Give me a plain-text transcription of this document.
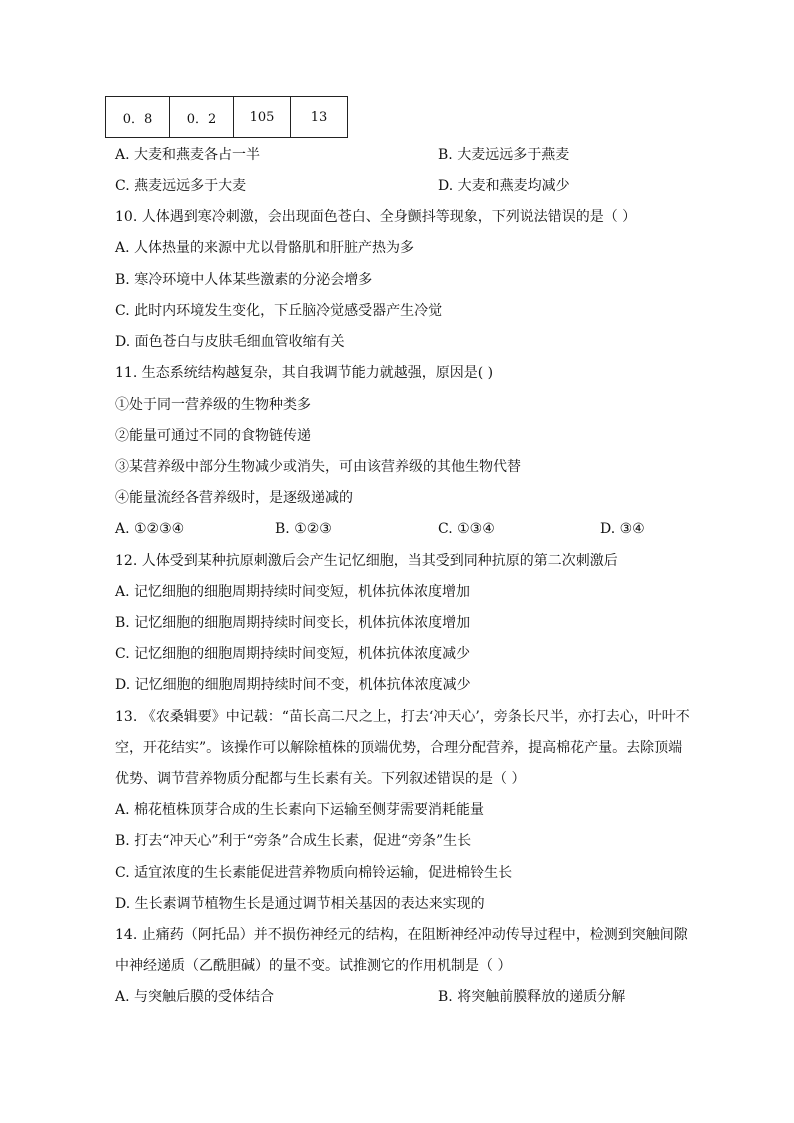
0．8	0．2	105	13
A. 大麦和燕麦各占一半	B. 大麦远远多于燕麦
C. 燕麦远远多于大麦	D. 大麦和燕麦均减少
10. 人体遇到寒冷刺激，会出现面色苍白、全身颤抖等现象，下列说法错误的是（ ）
A. 人体热量的来源中尤以骨骼肌和肝脏产热为多
B. 寒冷环境中人体某些激素的分泌会增多
C. 此时内环境发生变化，下丘脑冷觉感受器产生冷觉
D. 面色苍白与皮肤毛细血管收缩有关
11. 生态系统结构越复杂，其自我调节能力就越强，原因是( )
①处于同一营养级的生物种类多
②能量可通过不同的食物链传递
③某营养级中部分生物减少或消失，可由该营养级的其他生物代替
④能量流经各营养级时，是逐级递减的
A. ①②③④	B. ①②③	C. ①③④	D. ③④
12. 人体受到某种抗原刺激后会产生记忆细胞，当其受到同种抗原的第二次刺激后
A. 记忆细胞的细胞周期持续时间变短，机体抗体浓度增加
B. 记忆细胞的细胞周期持续时间变长，机体抗体浓度增加
C. 记忆细胞的细胞周期持续时间变短，机体抗体浓度减少
D. 记忆细胞的细胞周期持续时间不变，机体抗体浓度减少
13. 《农桑辑要》中记载：“苗长高二尺之上，打去‘冲天心’，旁条长尺半，亦打去心，叶叶不
空，开花结实”。该操作可以解除植株的顶端优势，合理分配营养，提高棉花产量。去除顶端
优势、调节营养物质分配都与生长素有关。下列叙述错误的是（ ）
A. 棉花植株顶芽合成的生长素向下运输至侧芽需要消耗能量
B. 打去“冲天心”利于“旁条”合成生长素，促进“旁条”生长
C. 适宜浓度的生长素能促进营养物质向棉铃运输，促进棉铃生长
D. 生长素调节植物生长是通过调节相关基因的表达来实现的
14. 止痛药（阿托品）并不损伤神经元的结构，在阻断神经冲动传导过程中，检测到突触间隙
中神经递质（乙酰胆碱）的量不变。试推测它的作用机制是（ ）
A. 与突触后膜的受体结合	B. 将突触前膜释放的递质分解
